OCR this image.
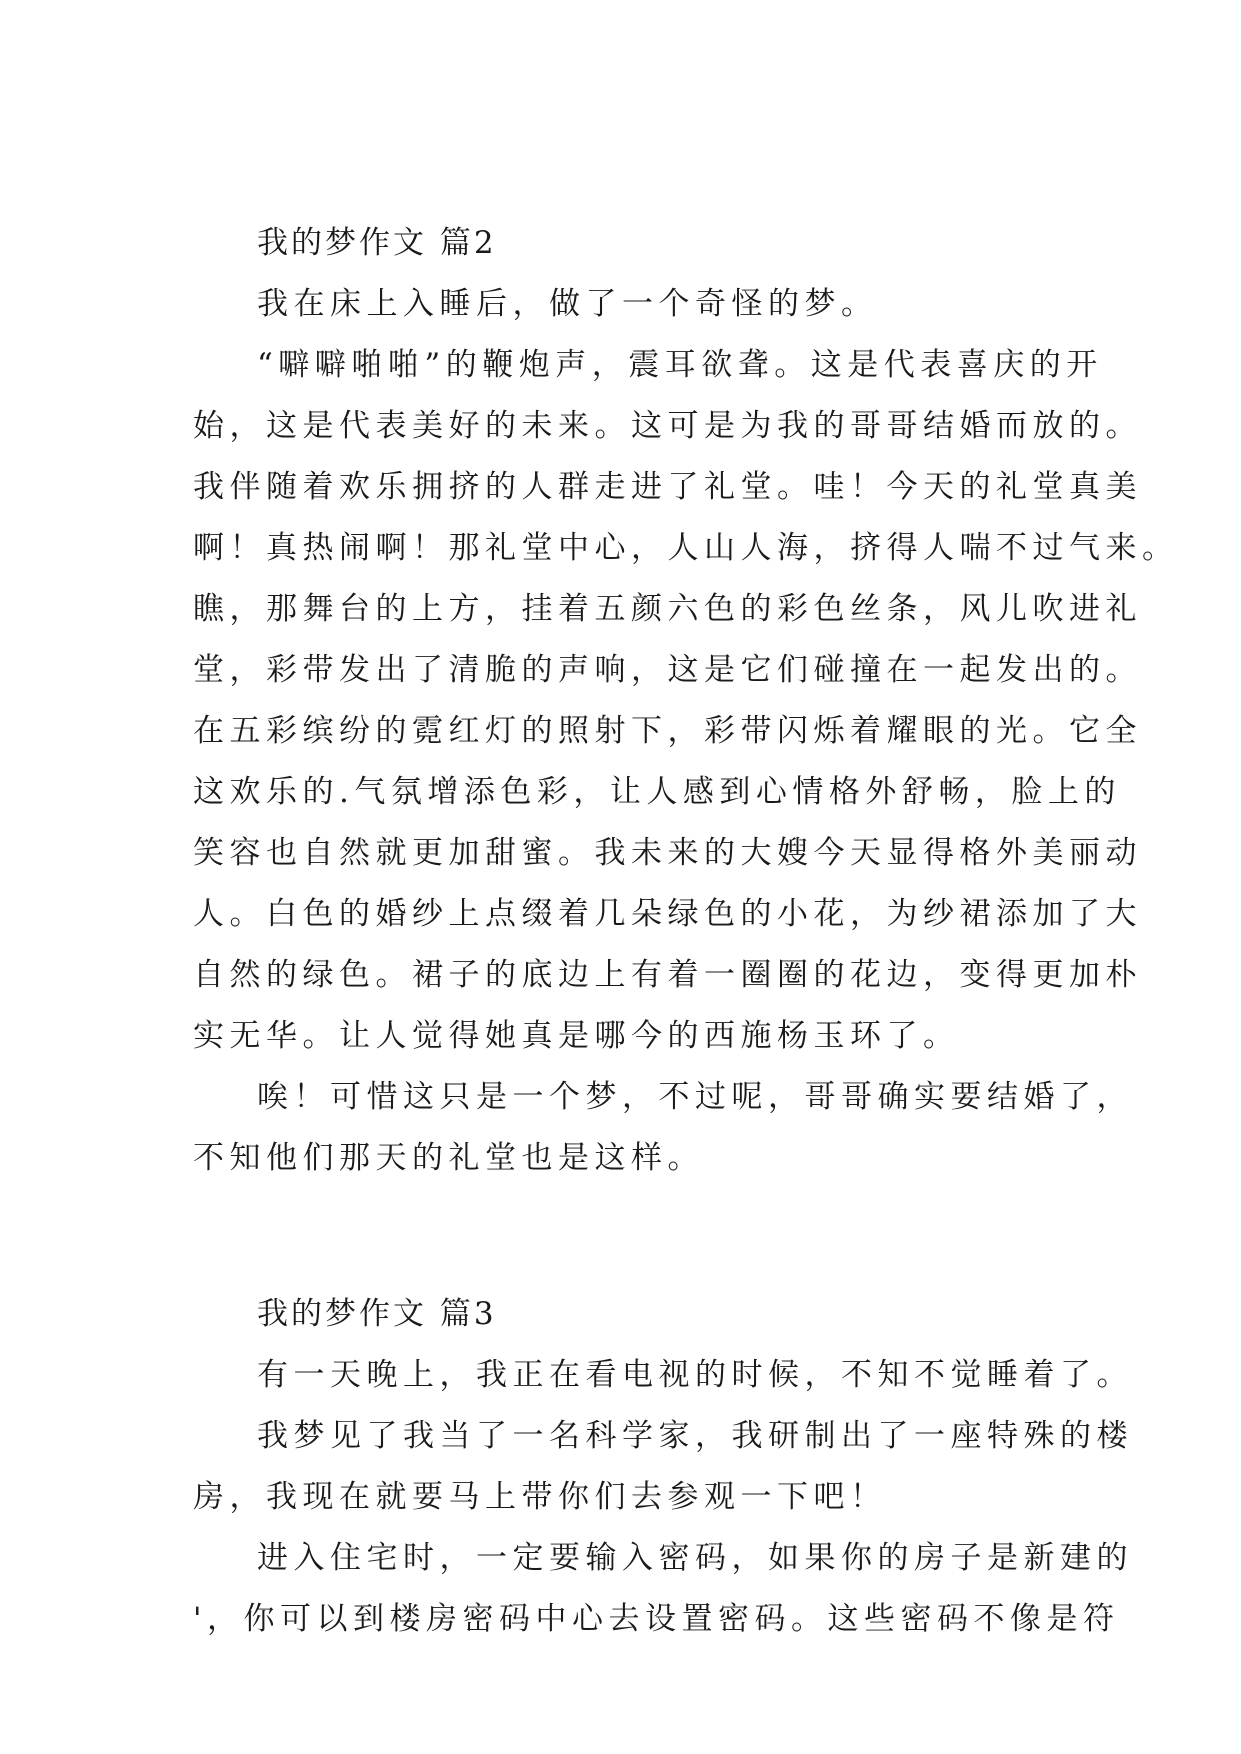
我的梦作文 篇2
我在床上入睡后，做了一个奇怪的梦。
“噼噼啪啪”的鞭炮声，震耳欲聋。这是代表喜庆的开
始，这是代表美好的未来。这可是为我的哥哥结婚而放的。
我伴随着欢乐拥挤的人群走进了礼堂。哇！今天的礼堂真美
啊！真热闹啊！那礼堂中心，人山人海，挤得人喘不过气来。
瞧，那舞台的上方，挂着五颜六色的彩色丝条，风儿吹进礼
堂，彩带发出了清脆的声响，这是它们碰撞在一起发出的。
在五彩缤纷的霓红灯的照射下，彩带闪烁着耀眼的光。它全
这欢乐的.气氛增添色彩，让人感到心情格外舒畅，脸上的
笑容也自然就更加甜蜜。我未来的大嫂今天显得格外美丽动
人。白色的婚纱上点缀着几朵绿色的小花，为纱裙添加了大
自然的绿色。裙子的底边上有着一圈圈的花边，变得更加朴
实无华。让人觉得她真是哪今的西施杨玉环了。
唉！可惜这只是一个梦，不过呢，哥哥确实要结婚了，
不知他们那天的礼堂也是这样。
我的梦作文 篇3
有一天晚上，我正在看电视的时候，不知不觉睡着了。
我梦见了我当了一名科学家，我研制出了一座特殊的楼
房，我现在就要马上带你们去参观一下吧！
进入住宅时，一定要输入密码，如果你的房子是新建的
'，你可以到楼房密码中心去设置密码。这些密码不像是符
